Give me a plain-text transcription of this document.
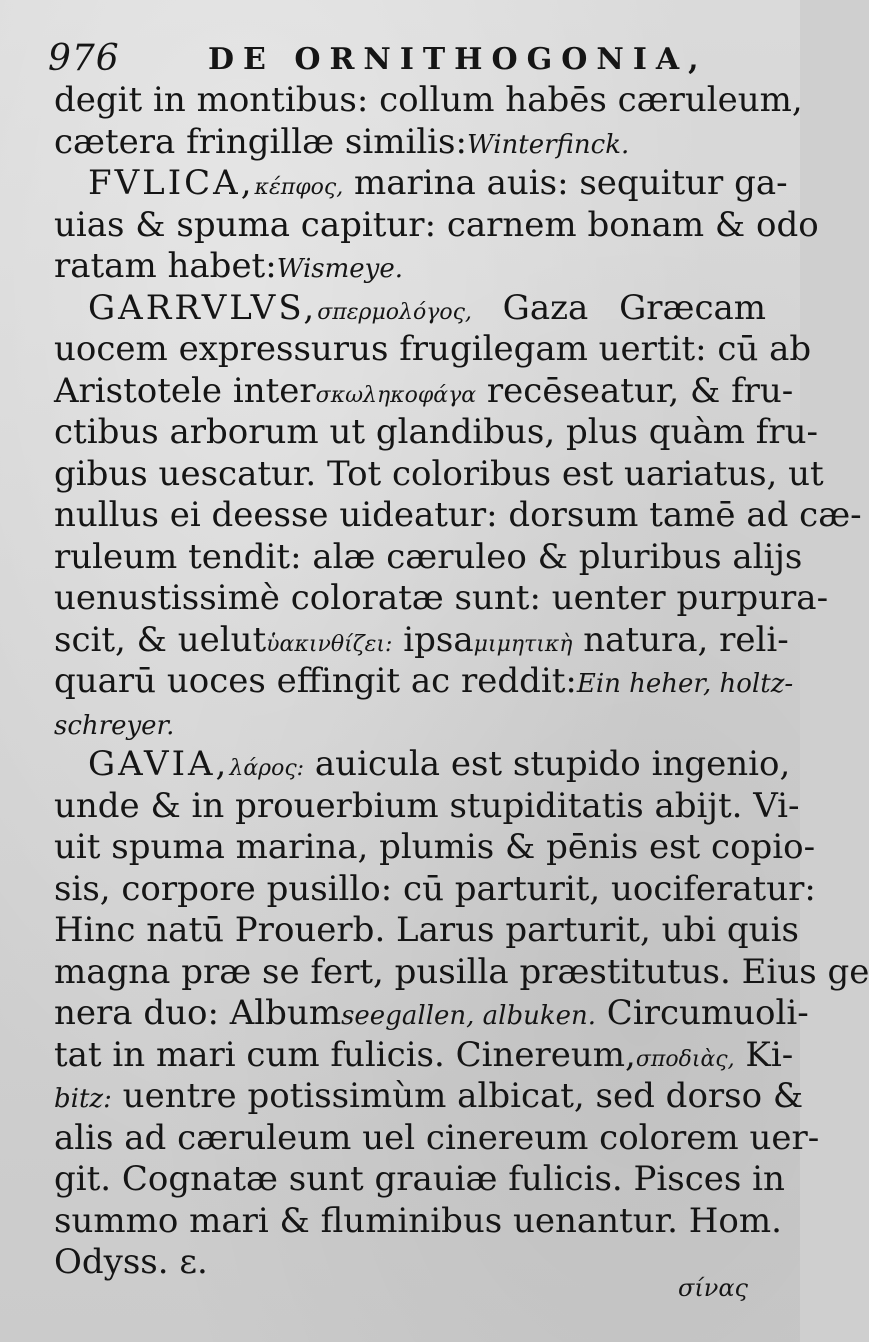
976	DE ORNITHOGONIA,
degit in montibus: collum habēs cæruleum,
cætera fringillæ similis:Winterfinck.
FVLICA,κέπφος, marina auis: sequitur ga-
uias & spuma capitur: carnem bonam & odo
ratam habet:Wismeye.
GARRVLVS,σπερμολόγος, Gaza Græcam
uocem expressurus frugilegam uertit: cū ab
Aristotele interσκωληκοφάγα recēseatur, & fru-
ctibus arborum ut glandibus, plus quàm fru-
gibus uescatur. Tot coloribus est uariatus, ut
nullus ei deesse uideatur: dorsum tamē ad cæ-
ruleum tendit: alæ cæruleo & pluribus alijs
uenustissimè coloratæ sunt: uenter purpura-
scit, & uelutὑακινθίζει: ipsaμιμητικὴ natura, reli-
quarū uoces effingit ac reddit:Ein heher, holtz-
schreyer.
GAVIA,λάρος: auicula est stupido ingenio,
unde & in prouerbium stupiditatis abijt. Vi-
uit spuma marina, plumis & pēnis est copio-
sis, corpore pusillo: cū parturit, uociferatur:
Hinc natū Prouerb. Larus parturit, ubi quis
magna præ se fert, pusilla præstitutus. Eius ge
nera duo: Albumseegallen, albuken. Circumuoli-
tat in mari cum fulicis. Cinereum,σποδιὰς, Ki-
bitz: uentre potissimùm albicat, sed dorso &
alis ad cæruleum uel cinereum colorem uer-
git. Cognatæ sunt grauiæ fulicis. Pisces in
summo mari & fluminibus uenantur. Hom.
Odyss. ε.
σίνας
